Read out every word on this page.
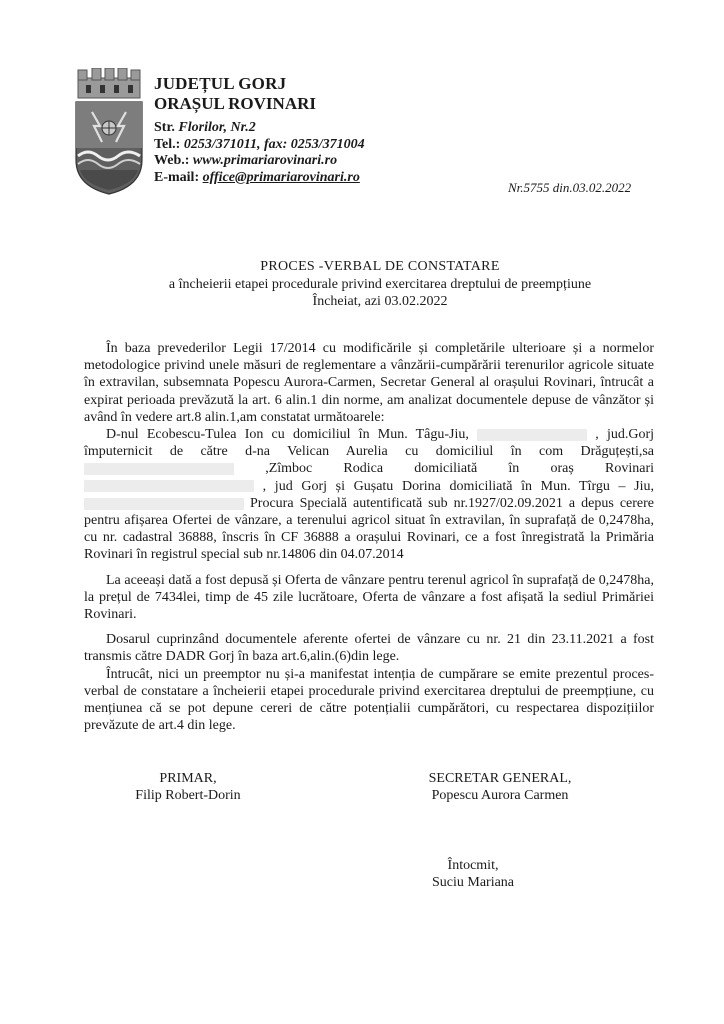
JUDEȚUL GORJ
ORAȘUL ROVINARI
Str. Florilor, Nr.2
Tel.: 0253/371011, fax: 0253/371004
Web.: www.primariarovinari.ro
E-mail: office@primariarovinari.ro
Nr.5755 din.03.02.2022
PROCES -VERBAL DE CONSTATARE
a încheierii etapei procedurale privind exercitarea dreptului de preempțiune
Încheiat, azi 03.02.2022

În baza prevederilor Legii 17/2014 cu modificările și completările ulterioare și a normelor metodologice privind unele măsuri de reglementare a vânzării-cumpărării terenurilor agricole situate în extravilan, subsemnata Popescu Aurora-Carmen, Secretar General al orașului Rovinari, întrucât a expirat perioada prevăzută la art. 6 alin.1 din norme, am analizat documentele depuse de vânzător și având în vedere art.8 alin.1,am constatat următoarele:

D-nul Ecobescu-Tulea Ion cu domiciliul în Mun. Tâgu-Jiu,	, jud.Gorj împuternicit de către d-na Velican Aurelia cu domiciliul în com Drăguțești,sa  ,Zîmboc Rodica domiciliată în oraș Rovinari  , jud Gorj și Gușatu Dorina domiciliată în Mun. Tîrgu – Jiu,  Procura Specială autentificată sub nr.1927/02.09.2021 a depus cerere pentru afișarea Ofertei de vânzare, a terenului agricol situat în extravilan, în suprafață de 0,2478ha, cu nr. cadastral 36888, înscris în CF 36888 a orașului Rovinari, ce a fost înregistrată la Primăria Rovinari în registrul special sub nr.14806 din 04.07.2014

La aceeași dată a fost depusă și Oferta de vânzare pentru terenul agricol în suprafață de 0,2478ha, la prețul de 7434lei, timp de 45 zile lucrătoare, Oferta de vânzare a fost afișată la sediul Primăriei Rovinari.

Dosarul cuprinzând documentele aferente ofertei de vânzare cu nr. 21 din 23.11.2021 a fost transmis către DADR Gorj în baza art.6,alin.(6)din lege.

Întrucât, nici un preemptor nu și-a manifestat intenția de cumpărare se emite prezentul proces-verbal de constatare a încheierii etapei procedurale privind exercitarea dreptului de preempțiune, cu mențiunea că se pot depune cereri de către potențialii cumpărători, cu respectarea dispozițiilor prevăzute de art.4 din lege.

PRIMAR,
Filip Robert-Dorin
SECRETAR GENERAL,
Popescu Aurora Carmen
Întocmit,
Suciu Mariana
